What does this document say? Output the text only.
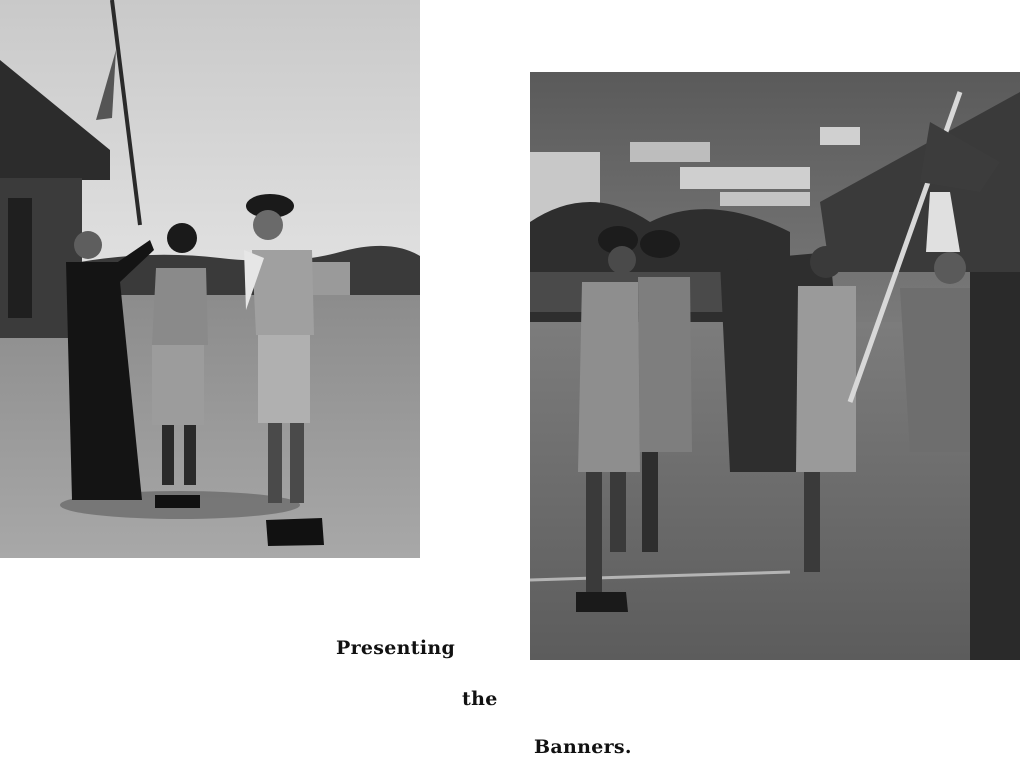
Presenting
the
Banners.
